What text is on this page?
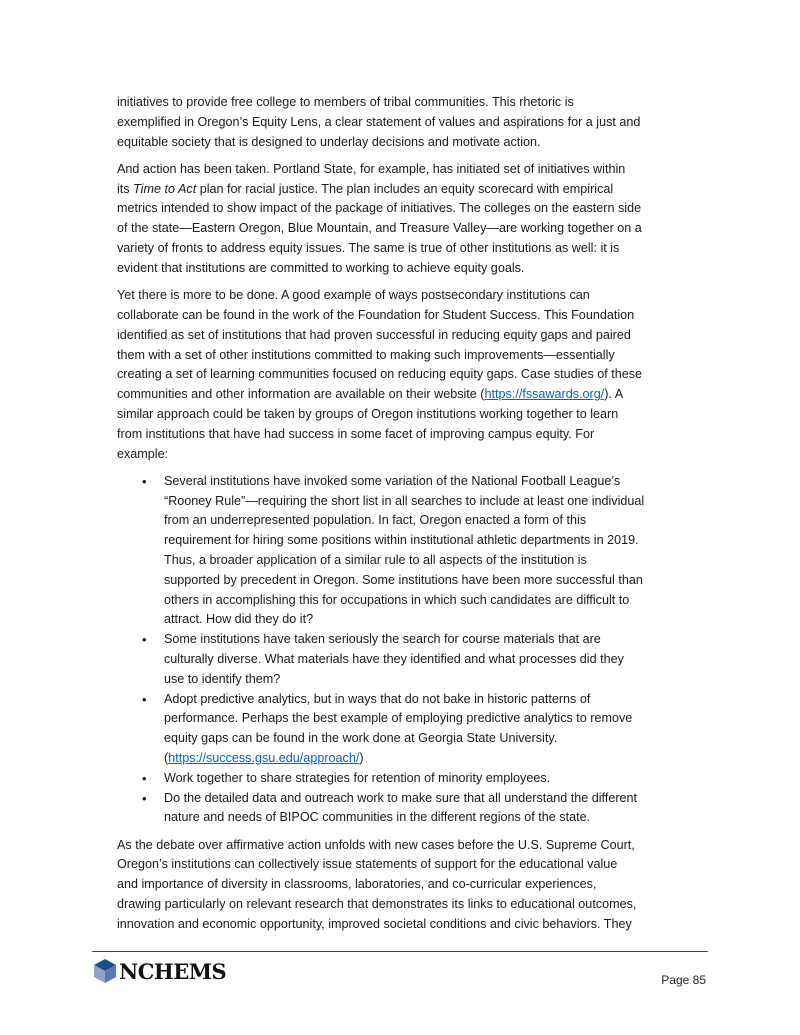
initiatives to provide free college to members of tribal communities. This rhetoric is
exemplified in Oregon’s Equity Lens, a clear statement of values and aspirations for a just and
equitable society that is designed to underlay decisions and motivate action.
And action has been taken. Portland State, for example, has initiated set of initiatives within
its Time to Act plan for racial justice. The plan includes an equity scorecard with empirical
metrics intended to show impact of the package of initiatives. The colleges on the eastern side
of the state—Eastern Oregon, Blue Mountain, and Treasure Valley—are working together on a
variety of fronts to address equity issues. The same is true of other institutions as well: it is
evident that institutions are committed to working to achieve equity goals.
Yet there is more to be done. A good example of ways postsecondary institutions can
collaborate can be found in the work of the Foundation for Student Success. This Foundation
identified as set of institutions that had proven successful in reducing equity gaps and paired
them with a set of other institutions committed to making such improvements—essentially
creating a set of learning communities focused on reducing equity gaps. Case studies of these
communities and other information are available on their website (https://fssawards.org/). A
similar approach could be taken by groups of Oregon institutions working together to learn
from institutions that have had success in some facet of improving campus equity. For
example:
• Several institutions have invoked some variation of the National Football League’s
“Rooney Rule”—requiring the short list in all searches to include at least one individual
from an underrepresented population. In fact, Oregon enacted a form of this
requirement for hiring some positions within institutional athletic departments in 2019.
Thus, a broader application of a similar rule to all aspects of the institution is
supported by precedent in Oregon. Some institutions have been more successful than
others in accomplishing this for occupations in which such candidates are difficult to
attract. How did they do it?
• Some institutions have taken seriously the search for course materials that are
culturally diverse. What materials have they identified and what processes did they
use to identify them?
• Adopt predictive analytics, but in ways that do not bake in historic patterns of
performance. Perhaps the best example of employing predictive analytics to remove
equity gaps can be found in the work done at Georgia State University.
(https://success.gsu.edu/approach/)
• Work together to share strategies for retention of minority employees.
• Do the detailed data and outreach work to make sure that all understand the different
nature and needs of BIPOC communities in the different regions of the state.
As the debate over affirmative action unfolds with new cases before the U.S. Supreme Court,
Oregon’s institutions can collectively issue statements of support for the educational value
and importance of diversity in classrooms, laboratories, and co-curricular experiences,
drawing particularly on relevant research that demonstrates its links to educational outcomes,
innovation and economic opportunity, improved societal conditions and civic behaviors. They
NCHEMS	Page 85
